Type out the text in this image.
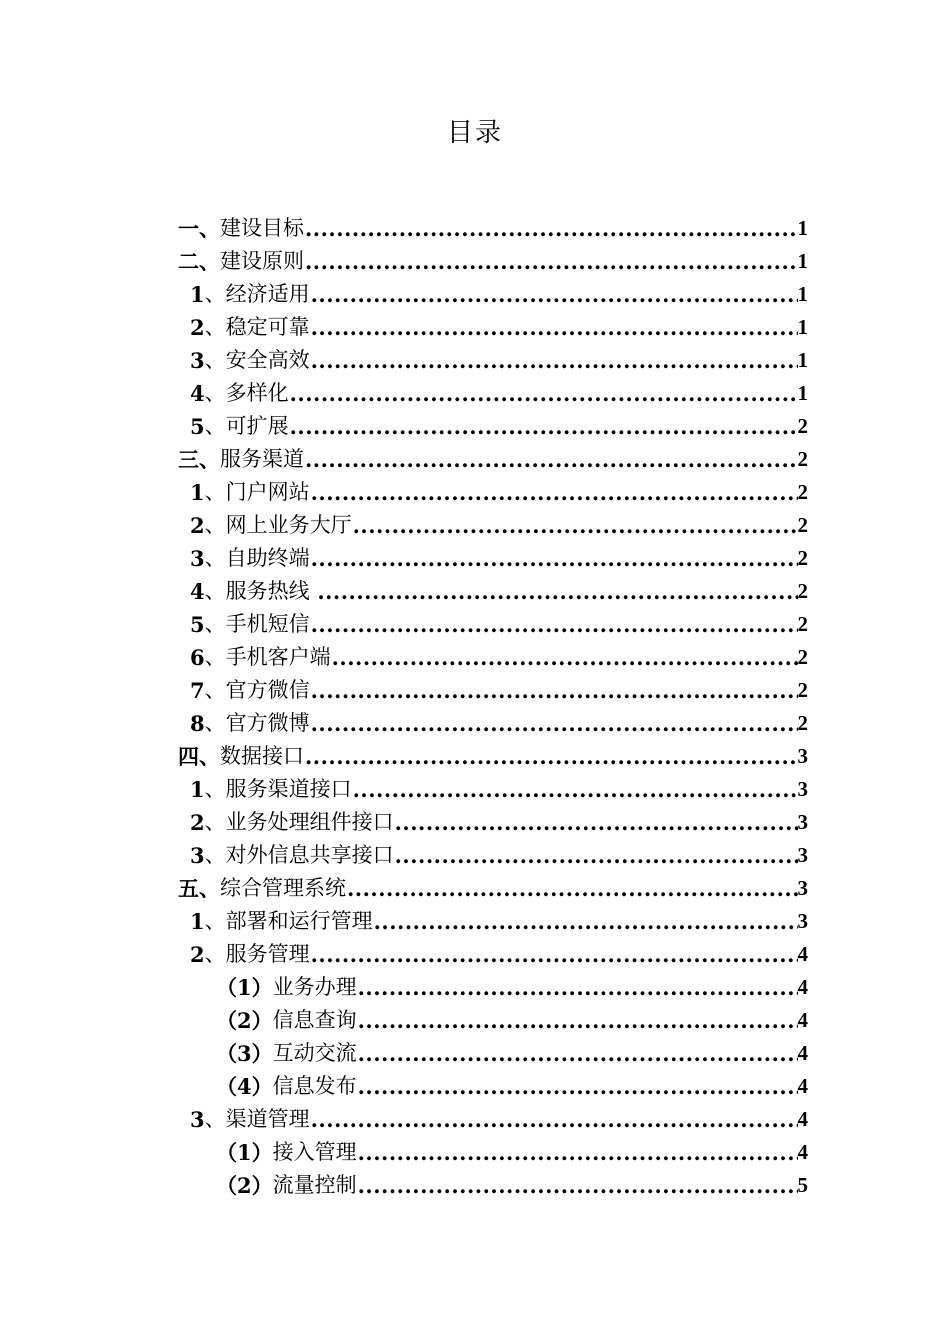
目录
一、 建设目标 .....	1
二、 建设原则 .....	1
1 、 经济适用 .....	1
2 、 稳定可靠 .....	1
3 、 安全高效 .....	1
4 、 多样化 .....	1
5 、 可扩展 .....	2
三、 服务渠道 .....	2
1 、 门户网站 .....	2
2 、 网上业务大厅 .....	2
3 、 自助终端 .....	2
4 、 服务热线 .....	2
5 、 手机短信 .....	2
6 、 手机客户端 .....	2
7 、 官方微信 .....	2
8 、 官方微博 .....	2
四、 数据接口 .....	3
1 、 服务渠道接口 .....	3
2 、 业务处理组件接口 .....	3
3 、 对外信息共享接口 .....	3
五、 综合管理系统 .....	3
1 、 部署和运行管理 .....	3
2 、 服务管理 .....	4
（1） 业务办理 .....	4
（2） 信息查询 .....	4
（3） 互动交流 .....	4
（4） 信息发布 .....	4
3 、 渠道管理 .....	4
（1） 接入管理 .....	4
（2） 流量控制 .....	5
